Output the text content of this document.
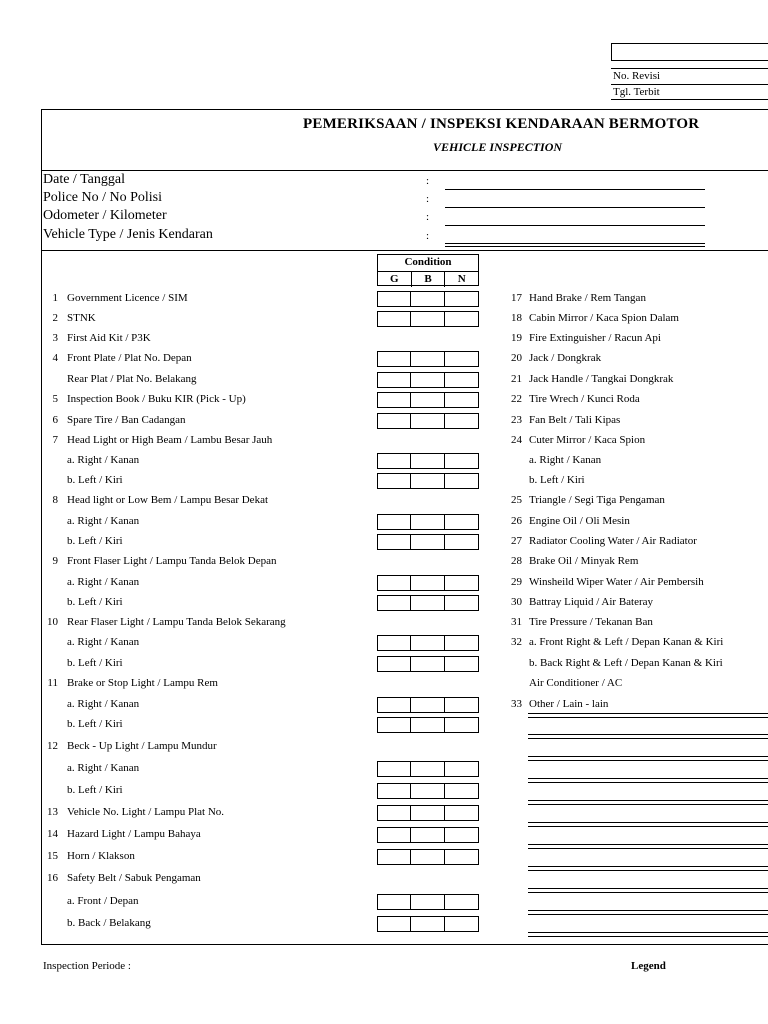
No. Revisi
Tgl. Terbit
PEMERIKSAAN / INSPEKSI KENDARAAN BERMOTOR
VEHICLE INSPECTION
Date / Tanggal	:
Police No / No Polisi	:
Odometer / Kilometer	:
Vehicle Type / Jenis Kendaran	:
Condition
G	B	N
1 Government Licence / SIM
2 STNK
3 First Aid Kit / P3K
4 Front Plate / Plat No. Depan
Rear Plat / Plat No. Belakang
5 Inspection Book / Buku KIR (Pick - Up)
6 Spare Tire / Ban Cadangan
7 Head Light or High Beam / Lambu Besar Jauh
a. Right / Kanan
b. Left / Kiri
8 Head light or Low Bem / Lampu Besar Dekat
a. Right / Kanan
b. Left / Kiri
9 Front Flaser Light / Lampu Tanda Belok Depan
a. Right / Kanan
b. Left / Kiri
10 Rear Flaser Light / Lampu Tanda Belok Sekarang
a. Right / Kanan
b. Left / Kiri
11 Brake or Stop Light / Lampu Rem
a. Right / Kanan
b. Left / Kiri
12 Beck - Up Light / Lampu Mundur
a. Right / Kanan
b. Left / Kiri
13 Vehicle No. Light / Lampu Plat No.
14 Hazard Light / Lampu Bahaya
15 Horn / Klakson
16 Safety Belt / Sabuk Pengaman
a. Front / Depan
b. Back / Belakang
17 Hand Brake / Rem Tangan
18 Cabin Mirror / Kaca Spion Dalam
19 Fire Extinguisher / Racun Api
20 Jack / Dongkrak
21 Jack Handle / Tangkai Dongkrak
22 Tire Wrech / Kunci Roda
23 Fan Belt / Tali Kipas
24 Cuter Mirror / Kaca Spion
a. Right / Kanan
b. Left / Kiri
25 Triangle / Segi Tiga Pengaman
26 Engine Oil / Oli Mesin
27 Radiator Cooling Water / Air Radiator
28 Brake Oil / Minyak Rem
29 Winsheild Wiper Water / Air Pembersih
30 Battray Liquid / Air Bateray
31 Tire Pressure / Tekanan Ban
32 a. Front Right & Left / Depan Kanan & Kiri
b. Back Right & Left / Depan Kanan & Kiri
Air Conditioner / AC
33 Other / Lain - lain
Inspection Periode :	Legend
